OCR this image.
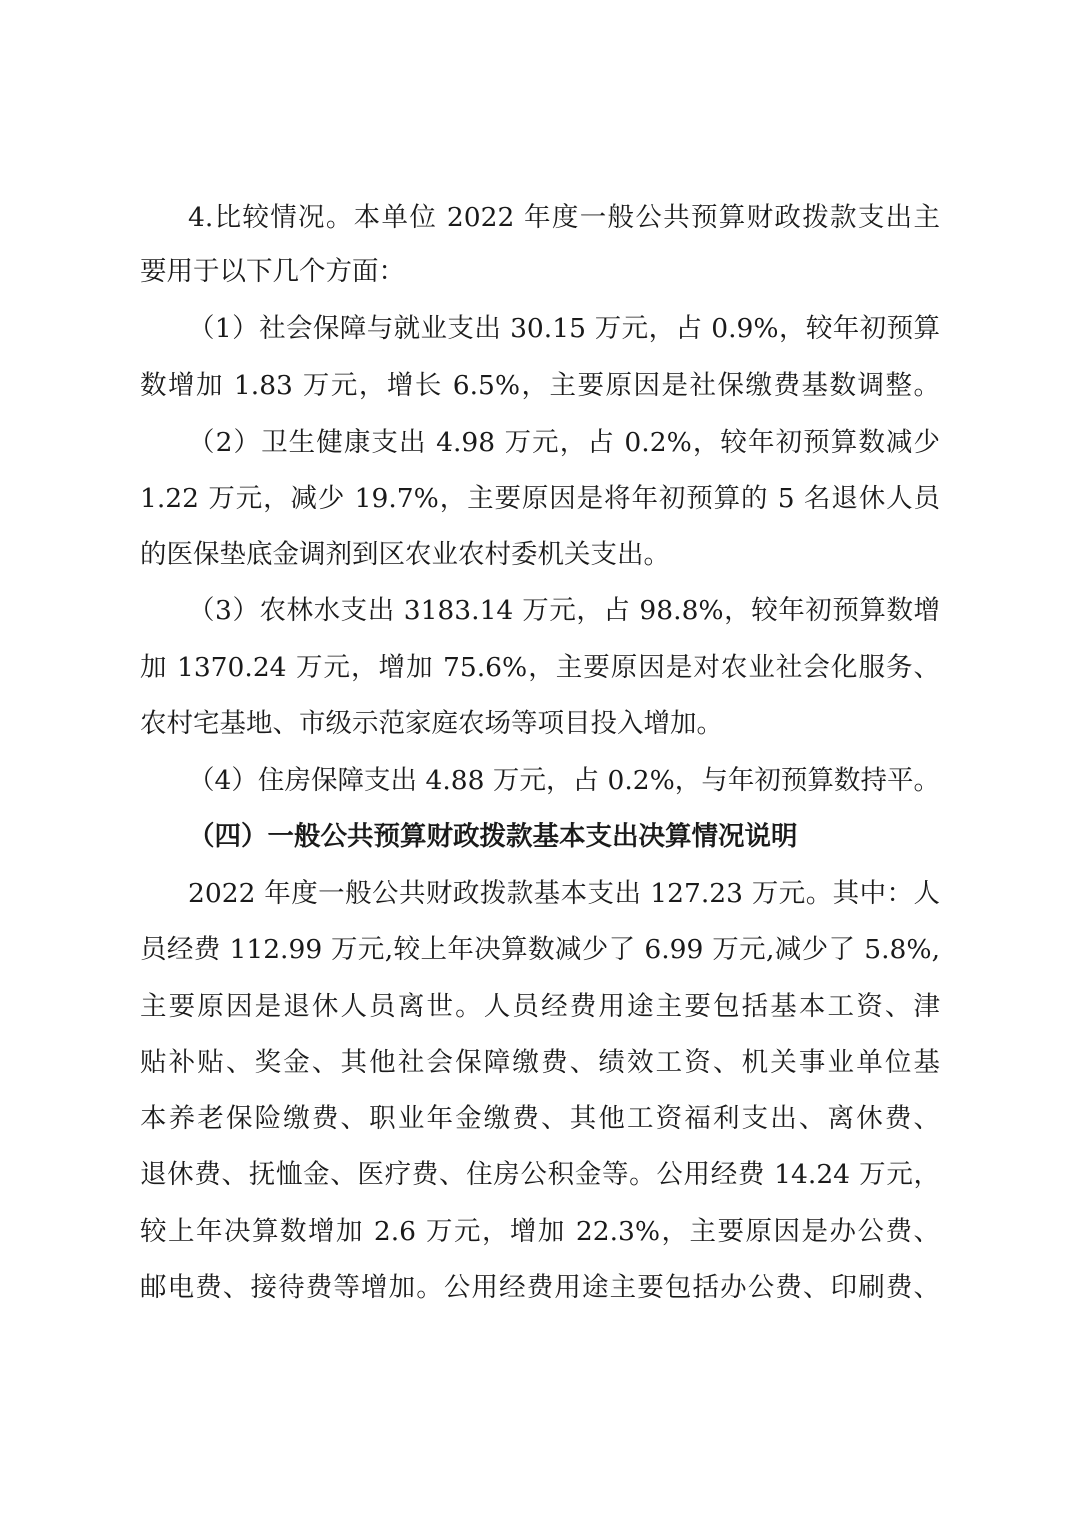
4.比较情况。本单位 2022 年度一般公共预算财政拨款支出主
要用于以下几个方面：
（1）社会保障与就业支出 30.15 万元，占 0.9%，较年初预算
数增加 1.83 万元，增长 6.5%，主要原因是社保缴费基数调整。
（2）卫生健康支出 4.98 万元，占 0.2%，较年初预算数减少
1.22 万元，减少 19.7%，主要原因是将年初预算的 5 名退休人员
的医保垫底金调剂到区农业农村委机关支出。
（3）农林水支出 3183.14 万元，占 98.8%，较年初预算数增
加 1370.24 万元，增加 75.6%，主要原因是对农业社会化服务、
农村宅基地、市级示范家庭农场等项目投入增加。
（4）住房保障支出 4.88 万元，占 0.2%，与年初预算数持平。
（四）一般公共预算财政拨款基本支出决算情况说明
2022 年度一般公共财政拨款基本支出 127.23 万元。其中：人
员经费 112.99 万元,较上年决算数减少了 6.99 万元,减少了 5.8%,
主要原因是退休人员离世。人员经费用途主要包括基本工资、津
贴补贴、奖金、其他社会保障缴费、绩效工资、机关事业单位基
本养老保险缴费、职业年金缴费、其他工资福利支出、离休费、
退休费、抚恤金、医疗费、住房公积金等。公用经费 14.24 万元，
较上年决算数增加 2.6 万元，增加 22.3%，主要原因是办公费、
邮电费、接待费等增加。公用经费用途主要包括办公费、印刷费、
